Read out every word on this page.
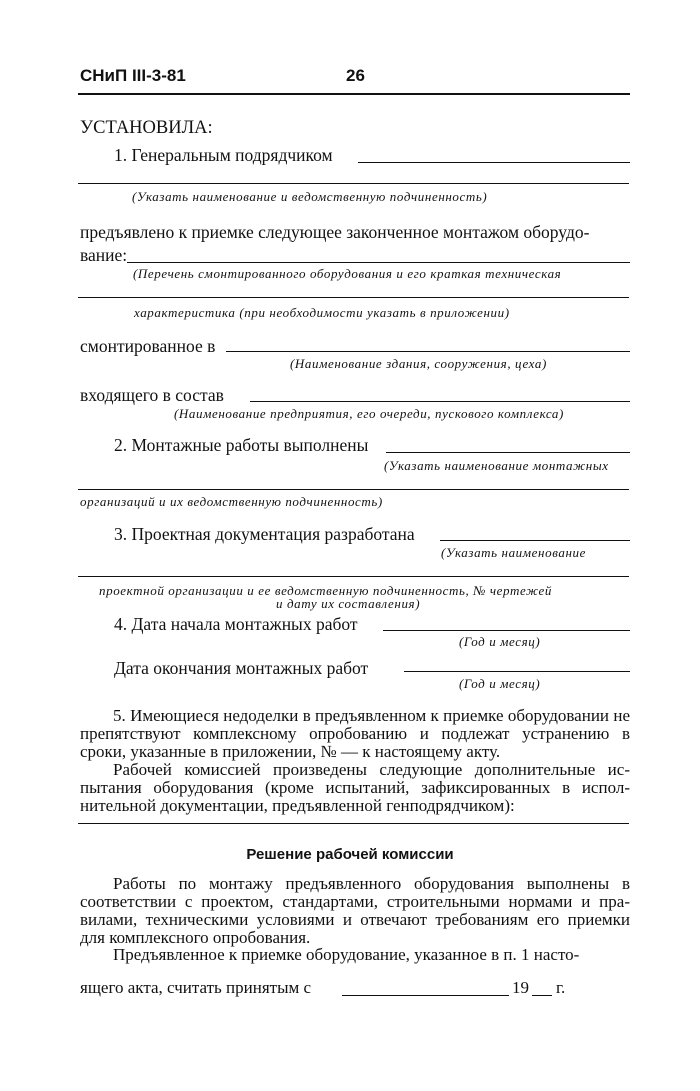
СНиП III-3-81	26
УСТАНОВИЛА:
1. Генеральным подрядчиком
(Указать наименование и ведомственную подчиненность)
предъявлено к приемке следующее законченное монтажом оборудо-
вание:
(Перечень смонтированного оборудования и его краткая техническая
характеристика (при необходимости указать в приложении)
смонтированное в
(Наименование здания, сооружения, цеха)
входящего в состав
(Наименование предприятия, его очереди, пускового комплекса)
2. Монтажные работы выполнены
(Указать наименование монтажных
организаций и их ведомственную подчиненность)
3. Проектная документация разработана
(Указать наименование
проектной организации и ее ведомственную подчиненность, № чертежей
и дату их составления)
4. Дата начала монтажных работ
(Год и месяц)
Дата окончания монтажных работ
(Год и месяц)
5. Имеющиеся недоделки в предъявленном к приемке оборудовании не препятствуют комплексному опробованию и подлежат устранению в сроки, указанные в приложении, № — к настоящему акту.
Рабочей комиссией произведены следующие дополнительные испытания оборудования (кроме испытаний, зафиксированных в исполнительной документации, предъявленной генподрядчиком):
Решение рабочей комиссии
Работы по монтажу предъявленного оборудования выполнены в соответствии с проектом, стандартами, строительными нормами и правилами, техническими условиями и отвечают требованиям его приемки для комплексного опробования.
Предъявленное к приемке оборудование, указанное в п. 1 насто-
ящего акта, считать принятым с	19 г.
